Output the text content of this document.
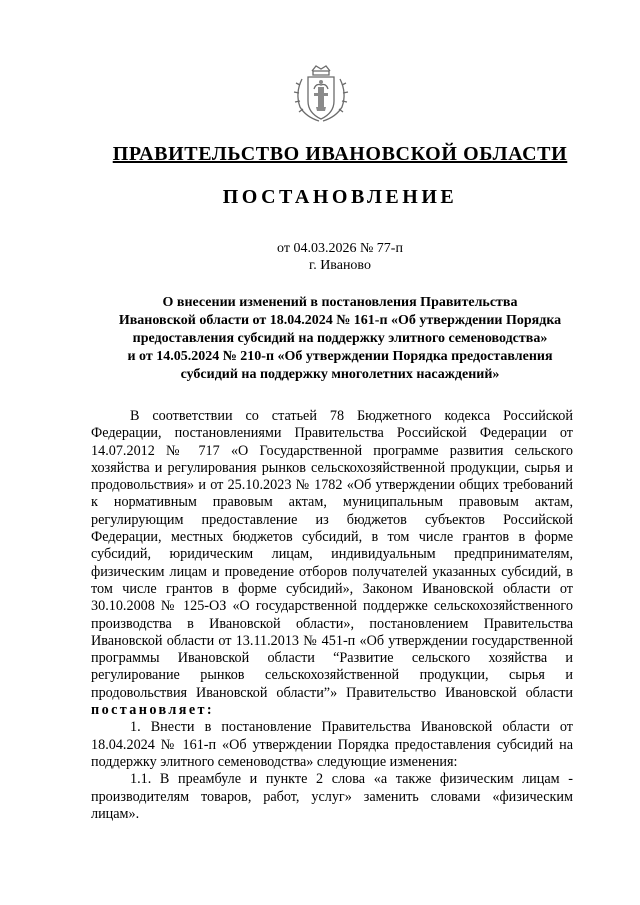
ПРАВИТЕЛЬСТВО ИВАНОВСКОЙ ОБЛАСТИ
ПОСТАНОВЛЕНИЕ
от 04.03.2026 № 77-п
г. Иваново
О внесении изменений в постановления Правительства
Ивановской области от 18.04.2024 № 161-п «Об утверждении Порядка
предоставления субсидий на поддержку элитного семеноводства»
и от 14.05.2024 № 210-п «Об утверждении Порядка предоставления
субсидий на поддержку многолетних насаждений»

В соответствии со статьей 78 Бюджетного кодекса Российской Федерации, постановлениями Правительства Российской Федерации от 14.07.2012 № 717 «О Государственной программе развития сельского хозяйства и регулирования рынков сельскохозяйственной продукции, сырья и продовольствия» и от 25.10.2023 № 1782 «Об утверждении общих требований к нормативным правовым актам, муниципальным правовым актам, регулирующим предоставление из бюджетов субъектов Российской Федерации, местных бюджетов субсидий, в том числе грантов в форме субсидий, юридическим лицам, индивидуальным предпринимателям, физическим лицам и проведение отборов получателей указанных субсидий, в том числе грантов в форме субсидий», Законом Ивановской области от 30.10.2008 № 125-ОЗ «О государственной поддержке сельскохозяйственного производства в Ивановской области», постановлением Правительства Ивановской области от 13.11.2013 № 451-п «Об утверждении государственной программы Ивановской области “Развитие сельского хозяйства и регулирование рынков сельскохозяйственной продукции, сырья и продовольствия Ивановской области”» Правительство Ивановской области постановляет:

1. Внести в постановление Правительства Ивановской области от 18.04.2024 № 161-п «Об утверждении Порядка предоставления субсидий на поддержку элитного семеноводства» следующие изменения:

1.1. В преамбуле и пункте 2 слова «а также физическим лицам - производителям товаров, работ, услуг» заменить словами «физическим лицам».
